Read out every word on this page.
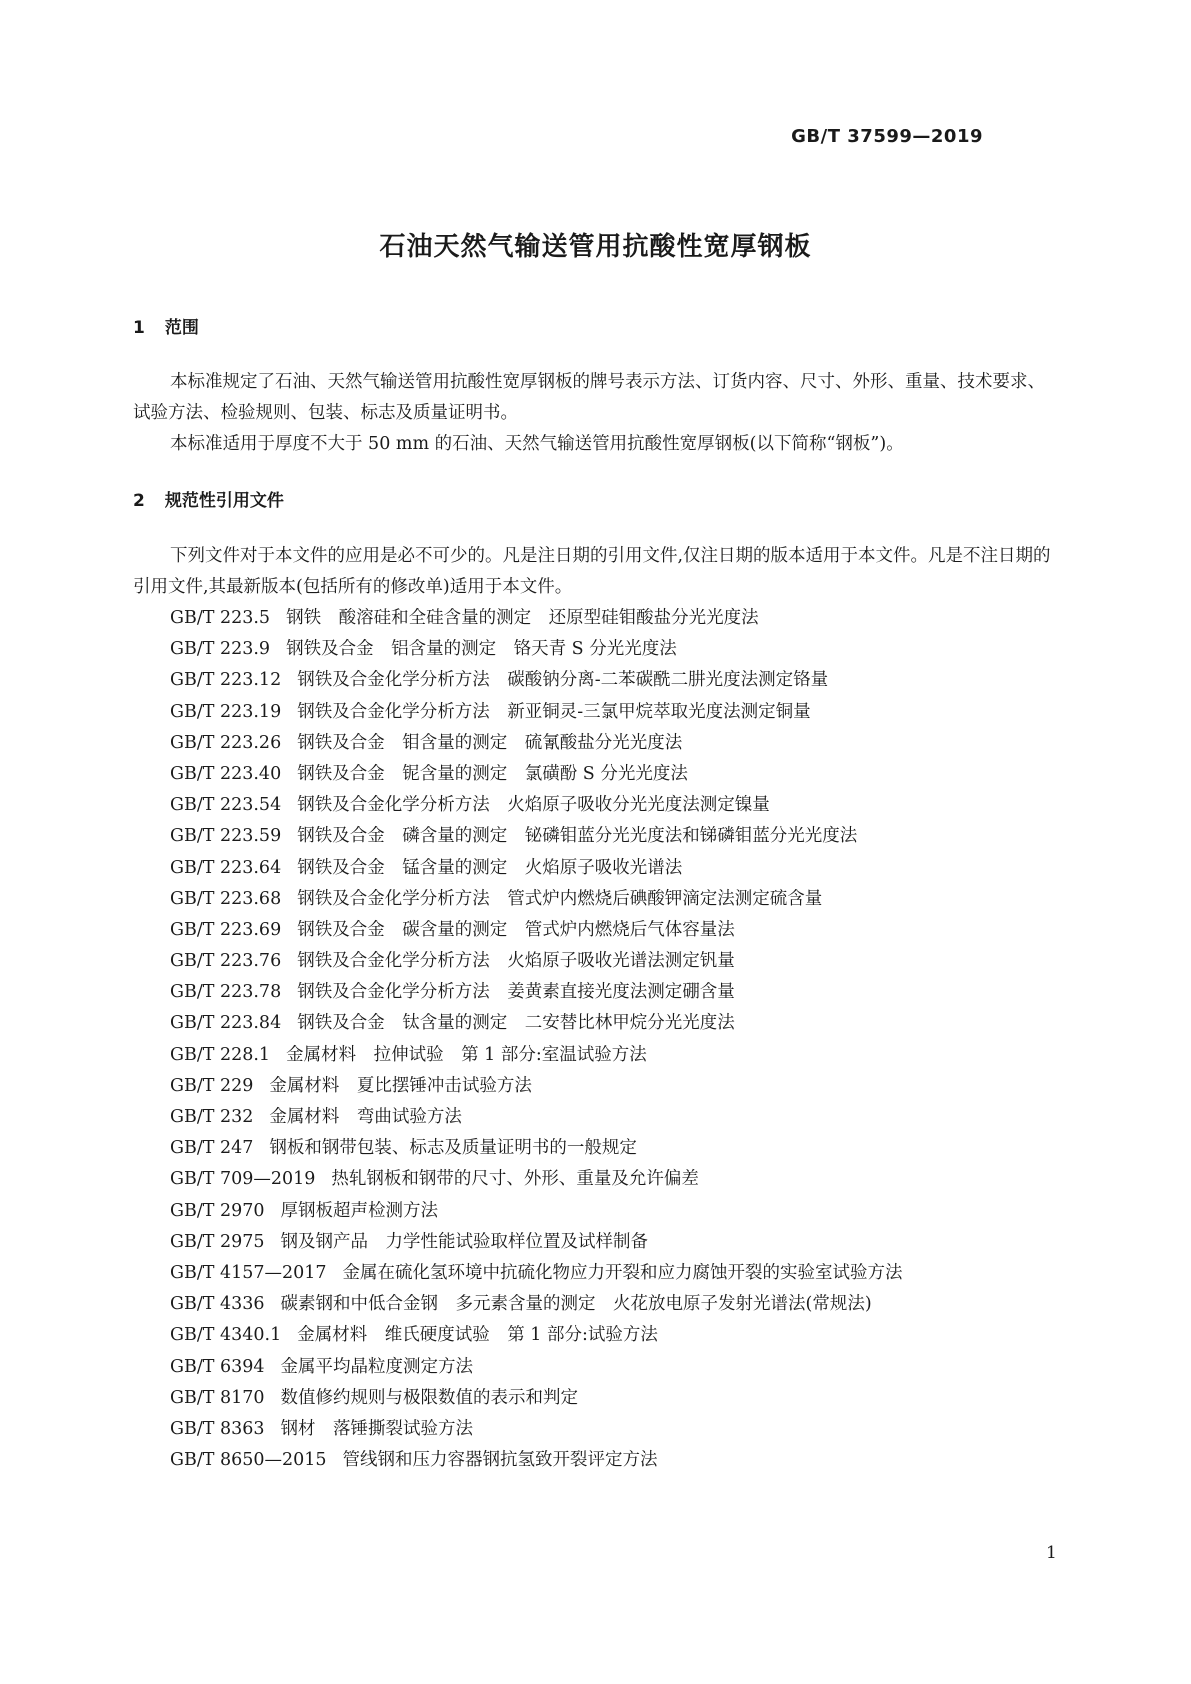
GB/T 37599—2019
石油天然气输送管用抗酸性宽厚钢板
1 范围

本标准规定了石油、天然气输送管用抗酸性宽厚钢板的牌号表示方法、订货内容、尺寸、外形、重量、技术要求、试验方法、检验规则、包装、标志及质量证明书。

本标准适用于厚度不大于 50 mm 的石油、天然气输送管用抗酸性宽厚钢板(以下简称“钢板”)。

2 规范性引用文件

下列文件对于本文件的应用是必不可少的。凡是注日期的引用文件,仅注日期的版本适用于本文件。凡是不注日期的引用文件,其最新版本(包括所有的修改单)适用于本文件。

GB/T 223.5 钢铁　酸溶硅和全硅含量的测定　还原型硅钼酸盐分光光度法
GB/T 223.9 钢铁及合金　铝含量的测定　铬天青 S 分光光度法
GB/T 223.12 钢铁及合金化学分析方法　碳酸钠分离-二苯碳酰二肼光度法测定铬量
GB/T 223.19 钢铁及合金化学分析方法　新亚铜灵-三氯甲烷萃取光度法测定铜量
GB/T 223.26 钢铁及合金　钼含量的测定　硫氰酸盐分光光度法
GB/T 223.40 钢铁及合金　铌含量的测定　氯磺酚 S 分光光度法
GB/T 223.54 钢铁及合金化学分析方法　火焰原子吸收分光光度法测定镍量
GB/T 223.59 钢铁及合金　磷含量的测定　铋磷钼蓝分光光度法和锑磷钼蓝分光光度法
GB/T 223.64 钢铁及合金　锰含量的测定　火焰原子吸收光谱法
GB/T 223.68 钢铁及合金化学分析方法　管式炉内燃烧后碘酸钾滴定法测定硫含量
GB/T 223.69 钢铁及合金　碳含量的测定　管式炉内燃烧后气体容量法
GB/T 223.76 钢铁及合金化学分析方法　火焰原子吸收光谱法测定钒量
GB/T 223.78 钢铁及合金化学分析方法　姜黄素直接光度法测定硼含量
GB/T 223.84 钢铁及合金　钛含量的测定　二安替比林甲烷分光光度法
GB/T 228.1 金属材料　拉伸试验　第 1 部分:室温试验方法
GB/T 229 金属材料　夏比摆锤冲击试验方法
GB/T 232 金属材料　弯曲试验方法
GB/T 247 钢板和钢带包装、标志及质量证明书的一般规定
GB/T 709—2019 热轧钢板和钢带的尺寸、外形、重量及允许偏差
GB/T 2970 厚钢板超声检测方法
GB/T 2975 钢及钢产品　力学性能试验取样位置及试样制备
GB/T 4157—2017 金属在硫化氢环境中抗硫化物应力开裂和应力腐蚀开裂的实验室试验方法
GB/T 4336 碳素钢和中低合金钢　多元素含量的测定　火花放电原子发射光谱法(常规法)
GB/T 4340.1 金属材料　维氏硬度试验　第 1 部分:试验方法
GB/T 6394 金属平均晶粒度测定方法
GB/T 8170 数值修约规则与极限数值的表示和判定
GB/T 8363 钢材　落锤撕裂试验方法
GB/T 8650—2015 管线钢和压力容器钢抗氢致开裂评定方法
1
